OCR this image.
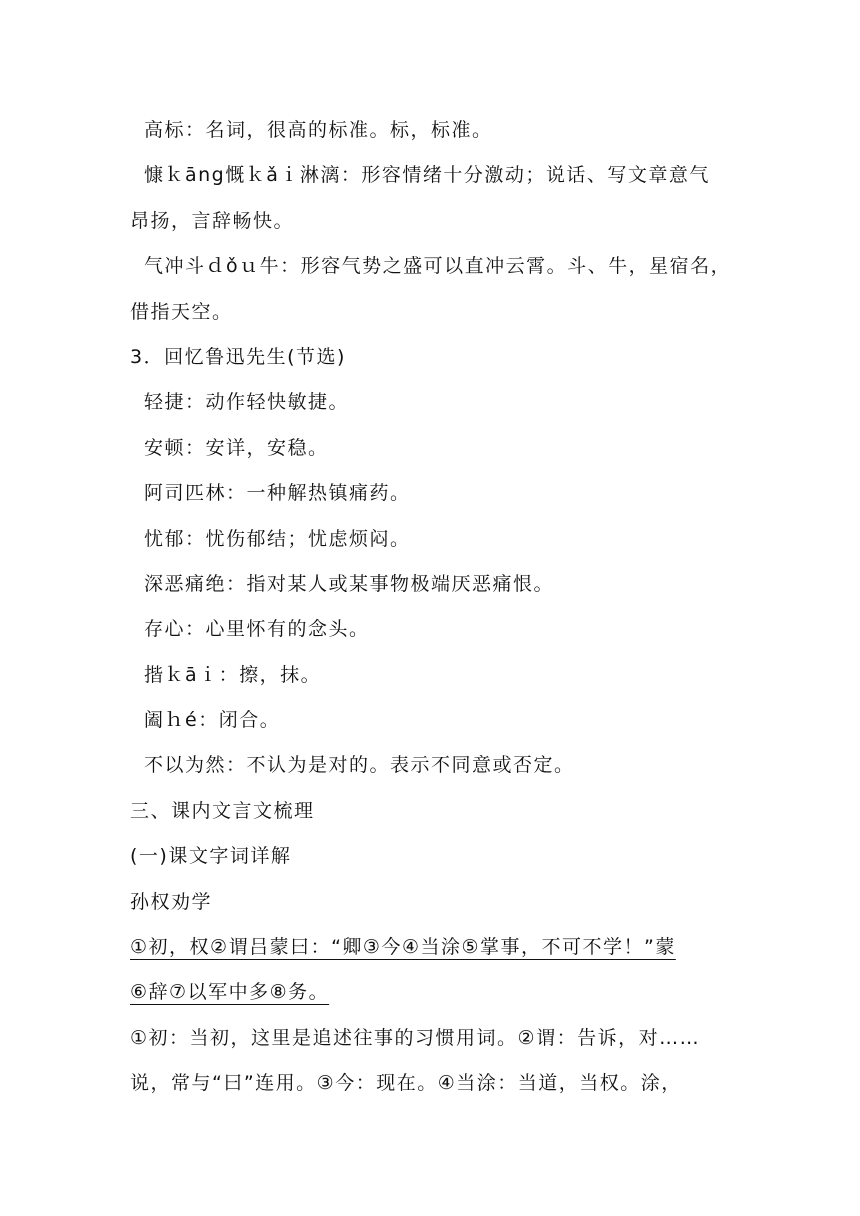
高标：名词，很高的标准。标，标准。
慷ｋāng慨ｋǎｉ淋漓：形容情绪十分激动；说话、写文章意气
昂扬，言辞畅快。
气冲斗ｄǒｕ牛：形容气势之盛可以直冲云霄。斗、牛，星宿名，
借指天空。
3．回忆鲁迅先生(节选)
轻捷：动作轻快敏捷。
安顿：安详，安稳。
阿司匹林：一种解热镇痛药。
忧郁：忧伤郁结；忧虑烦闷。
深恶痛绝：指对某人或某事物极端厌恶痛恨。
存心：心里怀有的念头。
揩ｋāｉ：擦，抹。
阖ｈé：闭合。
不以为然：不认为是对的。表示不同意或否定。
三、课内文言文梳理
(一)课文字词详解
孙权劝学
①初，权②谓吕蒙曰：“卿③今④当涂⑤掌事，不可不学！”蒙
⑥辞⑦以军中多⑧务。
①初：当初，这里是追述往事的习惯用词。②谓：告诉，对……
说，常与“曰”连用。③今：现在。④当涂：当道，当权。涂，
